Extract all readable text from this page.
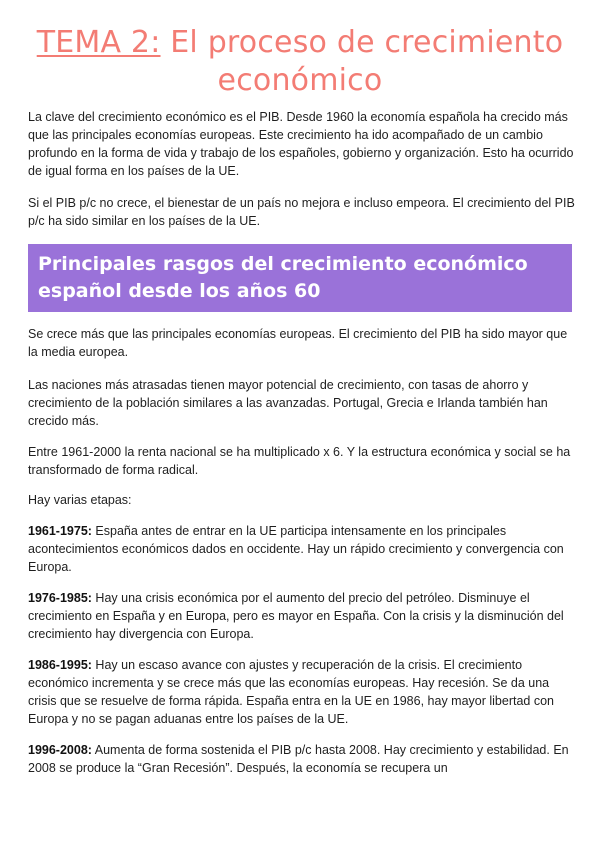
TEMA 2: El proceso de crecimiento económico

La clave del crecimiento económico es el PIB. Desde 1960 la economía española ha crecido más que las principales economías europeas. Este crecimiento ha ido acompañado de un cambio profundo en la forma de vida y trabajo de los españoles, gobierno y organización. Esto ha ocurrido de igual forma en los países de la UE.

Si el PIB p/c no crece, el bienestar de un país no mejora e incluso empeora. El crecimiento del PIB p/c ha sido similar en los países de la UE.

Principales rasgos del crecimiento económico español desde los años 60

Se crece más que las principales economías europeas. El crecimiento del PIB ha sido mayor que la media europea.

Las naciones más atrasadas tienen mayor potencial de crecimiento, con tasas de ahorro y crecimiento de la población similares a las avanzadas. Portugal, Grecia e Irlanda también han crecido más.

Entre 1961-2000 la renta nacional se ha multiplicado x 6. Y la estructura económica y social se ha transformado de forma radical.

Hay varias etapas:

1961-1975: España antes de entrar en la UE participa intensamente en los principales acontecimientos económicos dados en occidente. Hay un rápido crecimiento y convergencia con Europa.

1976-1985: Hay una crisis económica por el aumento del precio del petróleo. Disminuye el crecimiento en España y en Europa, pero es mayor en España. Con la crisis y la disminución del crecimiento hay divergencia con Europa.

1986-1995: Hay un escaso avance con ajustes y recuperación de la crisis. El crecimiento económico incrementa y se crece más que las economías europeas. Hay recesión. Se da una crisis que se resuelve de forma rápida. España entra en la UE en 1986, hay mayor libertad con Europa y no se pagan aduanas entre los países de la UE.

1996-2008: Aumenta de forma sostenida el PIB p/c hasta 2008. Hay crecimiento y estabilidad. En 2008 se produce la “Gran Recesión”. Después, la economía se recupera un
